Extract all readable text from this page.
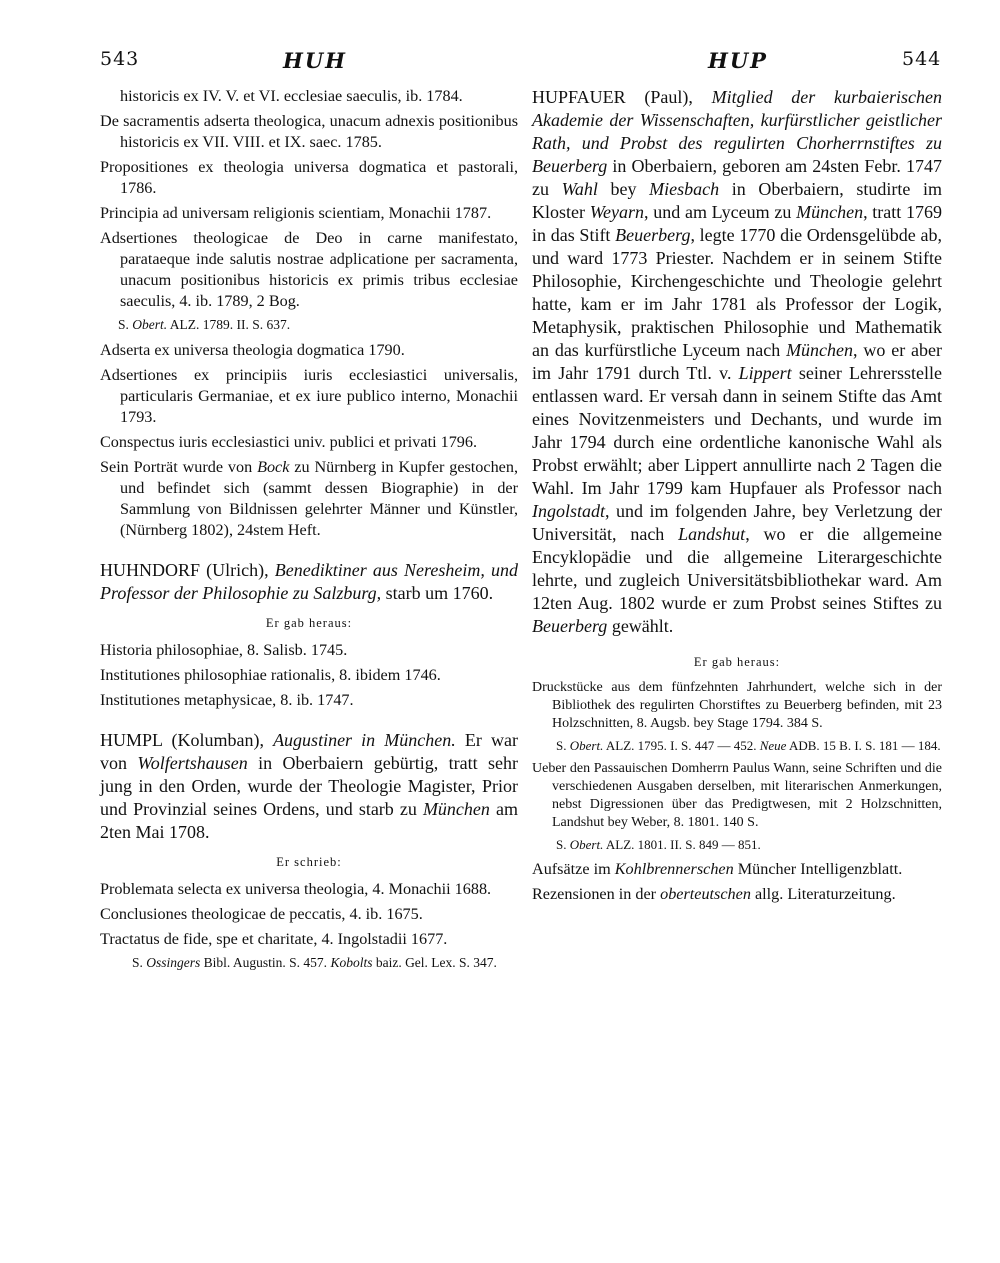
543	HUH	HUP	544

historicis ex IV. V. et VI. ecclesiae saeculis, ib. 1784.

De sacramentis adserta theologica, unacum adnexis positionibus historicis ex VII. VIII. et IX. saec. 1785.

Propositiones ex theologia universa dogmatica et pastorali, 1786.

Principia ad universam religionis scientiam, Monachii 1787.

Adsertiones theologicae de Deo in carne manifestato, parataeque inde salutis nostrae adplicatione per sacramenta, unacum positionibus historicis ex primis tribus ecclesiae saeculis, 4. ib. 1789, 2 Bog.

S. Obert. ALZ. 1789. II. S. 637.

Adserta ex universa theologia dogmatica 1790.

Adsertiones ex principiis iuris ecclesiastici universalis, particularis Germaniae, et ex iure publico interno, Monachii 1793.

Conspectus iuris ecclesiastici univ. publici et privati 1796.

Sein Porträt wurde von Bock zu Nürnberg in Kupfer gestochen, und befindet sich (sammt dessen Biographie) in der Sammlung von Bildnissen gelehrter Männer und Künstler, (Nürnberg 1802), 24stem Heft.

HUHNDORF (Ulrich), Benediktiner aus Neresheim, und Professor der Philosophie zu Salzburg, starb um 1760.

Er gab heraus:

Historia philosophiae, 8. Salisb. 1745.

Institutiones philosophiae rationalis, 8. ibidem 1746.

Institutiones metaphysicae, 8. ib. 1747.

HUMPL (Kolumban), Augustiner in München. Er war von Wolfertshausen in Oberbaiern gebürtig, tratt sehr jung in den Orden, wurde der Theologie Magister, Prior und Provinzial seines Ordens, und starb zu München am 2ten Mai 1708.

Er schrieb:

Problemata selecta ex universa theologia, 4. Monachii 1688.

Conclusiones theologicae de peccatis, 4. ib. 1675.

Tractatus de fide, spe et charitate, 4. Ingolstadii 1677.

S. Ossingers Bibl. Augustin. S. 457. Kobolts baiz. Gel. Lex. S. 347.

HUPFAUER (Paul), Mitglied der kurbaierischen Akademie der Wissenschaften, kurfürstlicher geistlicher Rath, und Probst des regulirten Chorherrnstiftes zu Beuerberg in Oberbaiern, geboren am 24sten Febr. 1747 zu Wahl bey Miesbach in Oberbaiern, studirte im Kloster Weyarn, und am Lyceum zu München, tratt 1769 in das Stift Beuerberg, legte 1770 die Ordensgelübde ab, und ward 1773 Priester. Nachdem er in seinem Stifte Philosophie, Kirchengeschichte und Theologie gelehrt hatte, kam er im Jahr 1781 als Professor der Logik, Metaphysik, praktischen Philosophie und Mathematik an das kurfürstliche Lyceum nach München, wo er aber im Jahr 1791 durch Ttl. v. Lippert seiner Lehrersstelle entlassen ward. Er versah dann in seinem Stifte das Amt eines Novitzenmeisters und Dechants, und wurde im Jahr 1794 durch eine ordentliche kanonische Wahl als Probst erwählt; aber Lippert annullirte nach 2 Tagen die Wahl. Im Jahr 1799 kam Hupfauer als Professor nach Ingolstadt, und im folgenden Jahre, bey Verletzung der Universität, nach Landshut, wo er die allgemeine Encyklopädie und die allgemeine Literargeschichte lehrte, und zugleich Universitätsbibliothekar ward. Am 12ten Aug. 1802 wurde er zum Probst seines Stiftes zu Beuerberg gewählt.

Er gab heraus:

Druckstücke aus dem fünfzehnten Jahrhundert, welche sich in der Bibliothek des regulirten Chorstiftes zu Beuerberg befinden, mit 23 Holzschnitten, 8. Augsb. bey Stage 1794. 384 S.

S. Obert. ALZ. 1795. I. S. 447 — 452. Neue ADB. 15 B. I. S. 181 — 184.

Ueber den Passauischen Domherrn Paulus Wann, seine Schriften und die verschiedenen Ausgaben derselben, mit literarischen Anmerkungen, nebst Digressionen über das Predigtwesen, mit 2 Holzschnitten, Landshut bey Weber, 8. 1801. 140 S.

S. Obert. ALZ. 1801. II. S. 849 — 851.

Aufsätze im Kohlbrennerschen Müncher Intelligenzblatt.

Rezensionen in der oberteutschen allg. Literaturzeitung.
